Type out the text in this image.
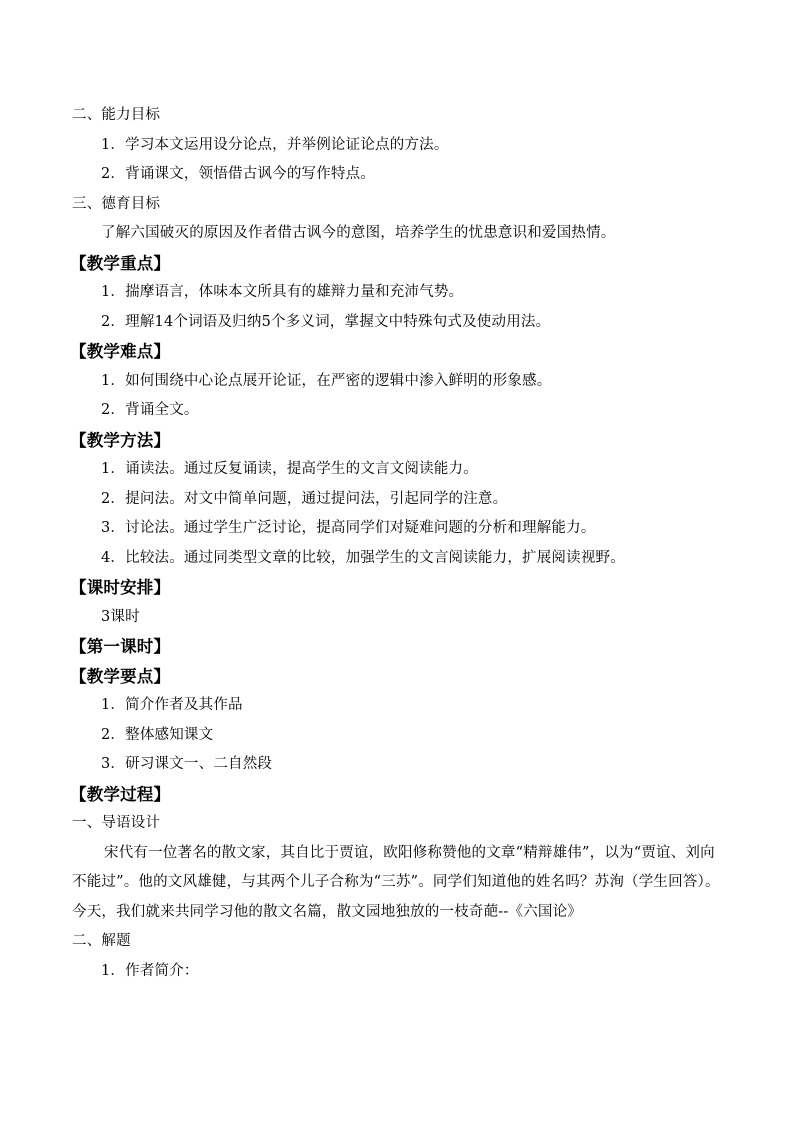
二、能力目标
1．学习本文运用设分论点，并举例论证论点的方法。
2．背诵课文，领悟借古讽今的写作特点。
三、德育目标
了解六国破灭的原因及作者借古讽今的意图，培养学生的忧患意识和爱国热情。
【教学重点】
1．揣摩语言，体味本文所具有的雄辩力量和充沛气势。
2．理解14个词语及归纳5个多义词，掌握文中特殊句式及使动用法。
【教学难点】
1．如何围绕中心论点展开论证，在严密的逻辑中渗入鲜明的形象感。
2．背诵全文。
【教学方法】
1．诵读法。通过反复诵读，提高学生的文言文阅读能力。
2．提问法。对文中简单问题，通过提问法，引起同学的注意。
3．讨论法。通过学生广泛讨论，提高同学们对疑难问题的分析和理解能力。
4．比较法。通过同类型文章的比较，加强学生的文言阅读能力，扩展阅读视野。
【课时安排】
3课时
【第一课时】
【教学要点】
1．简介作者及其作品
2．整体感知课文
3．研习课文一、二自然段
【教学过程】
一、导语设计
宋代有一位著名的散文家，其自比于贾谊，欧阳修称赞他的文章“精辩雄伟”，以为“贾谊、刘向不能过”。他的文风雄健，与其两个儿子合称为“三苏”。同学们知道他的姓名吗？苏洵（学生回答）。今天，我们就来共同学习他的散文名篇，散文园地独放的一枝奇葩--《六国论》
二、解题
1．作者简介：
